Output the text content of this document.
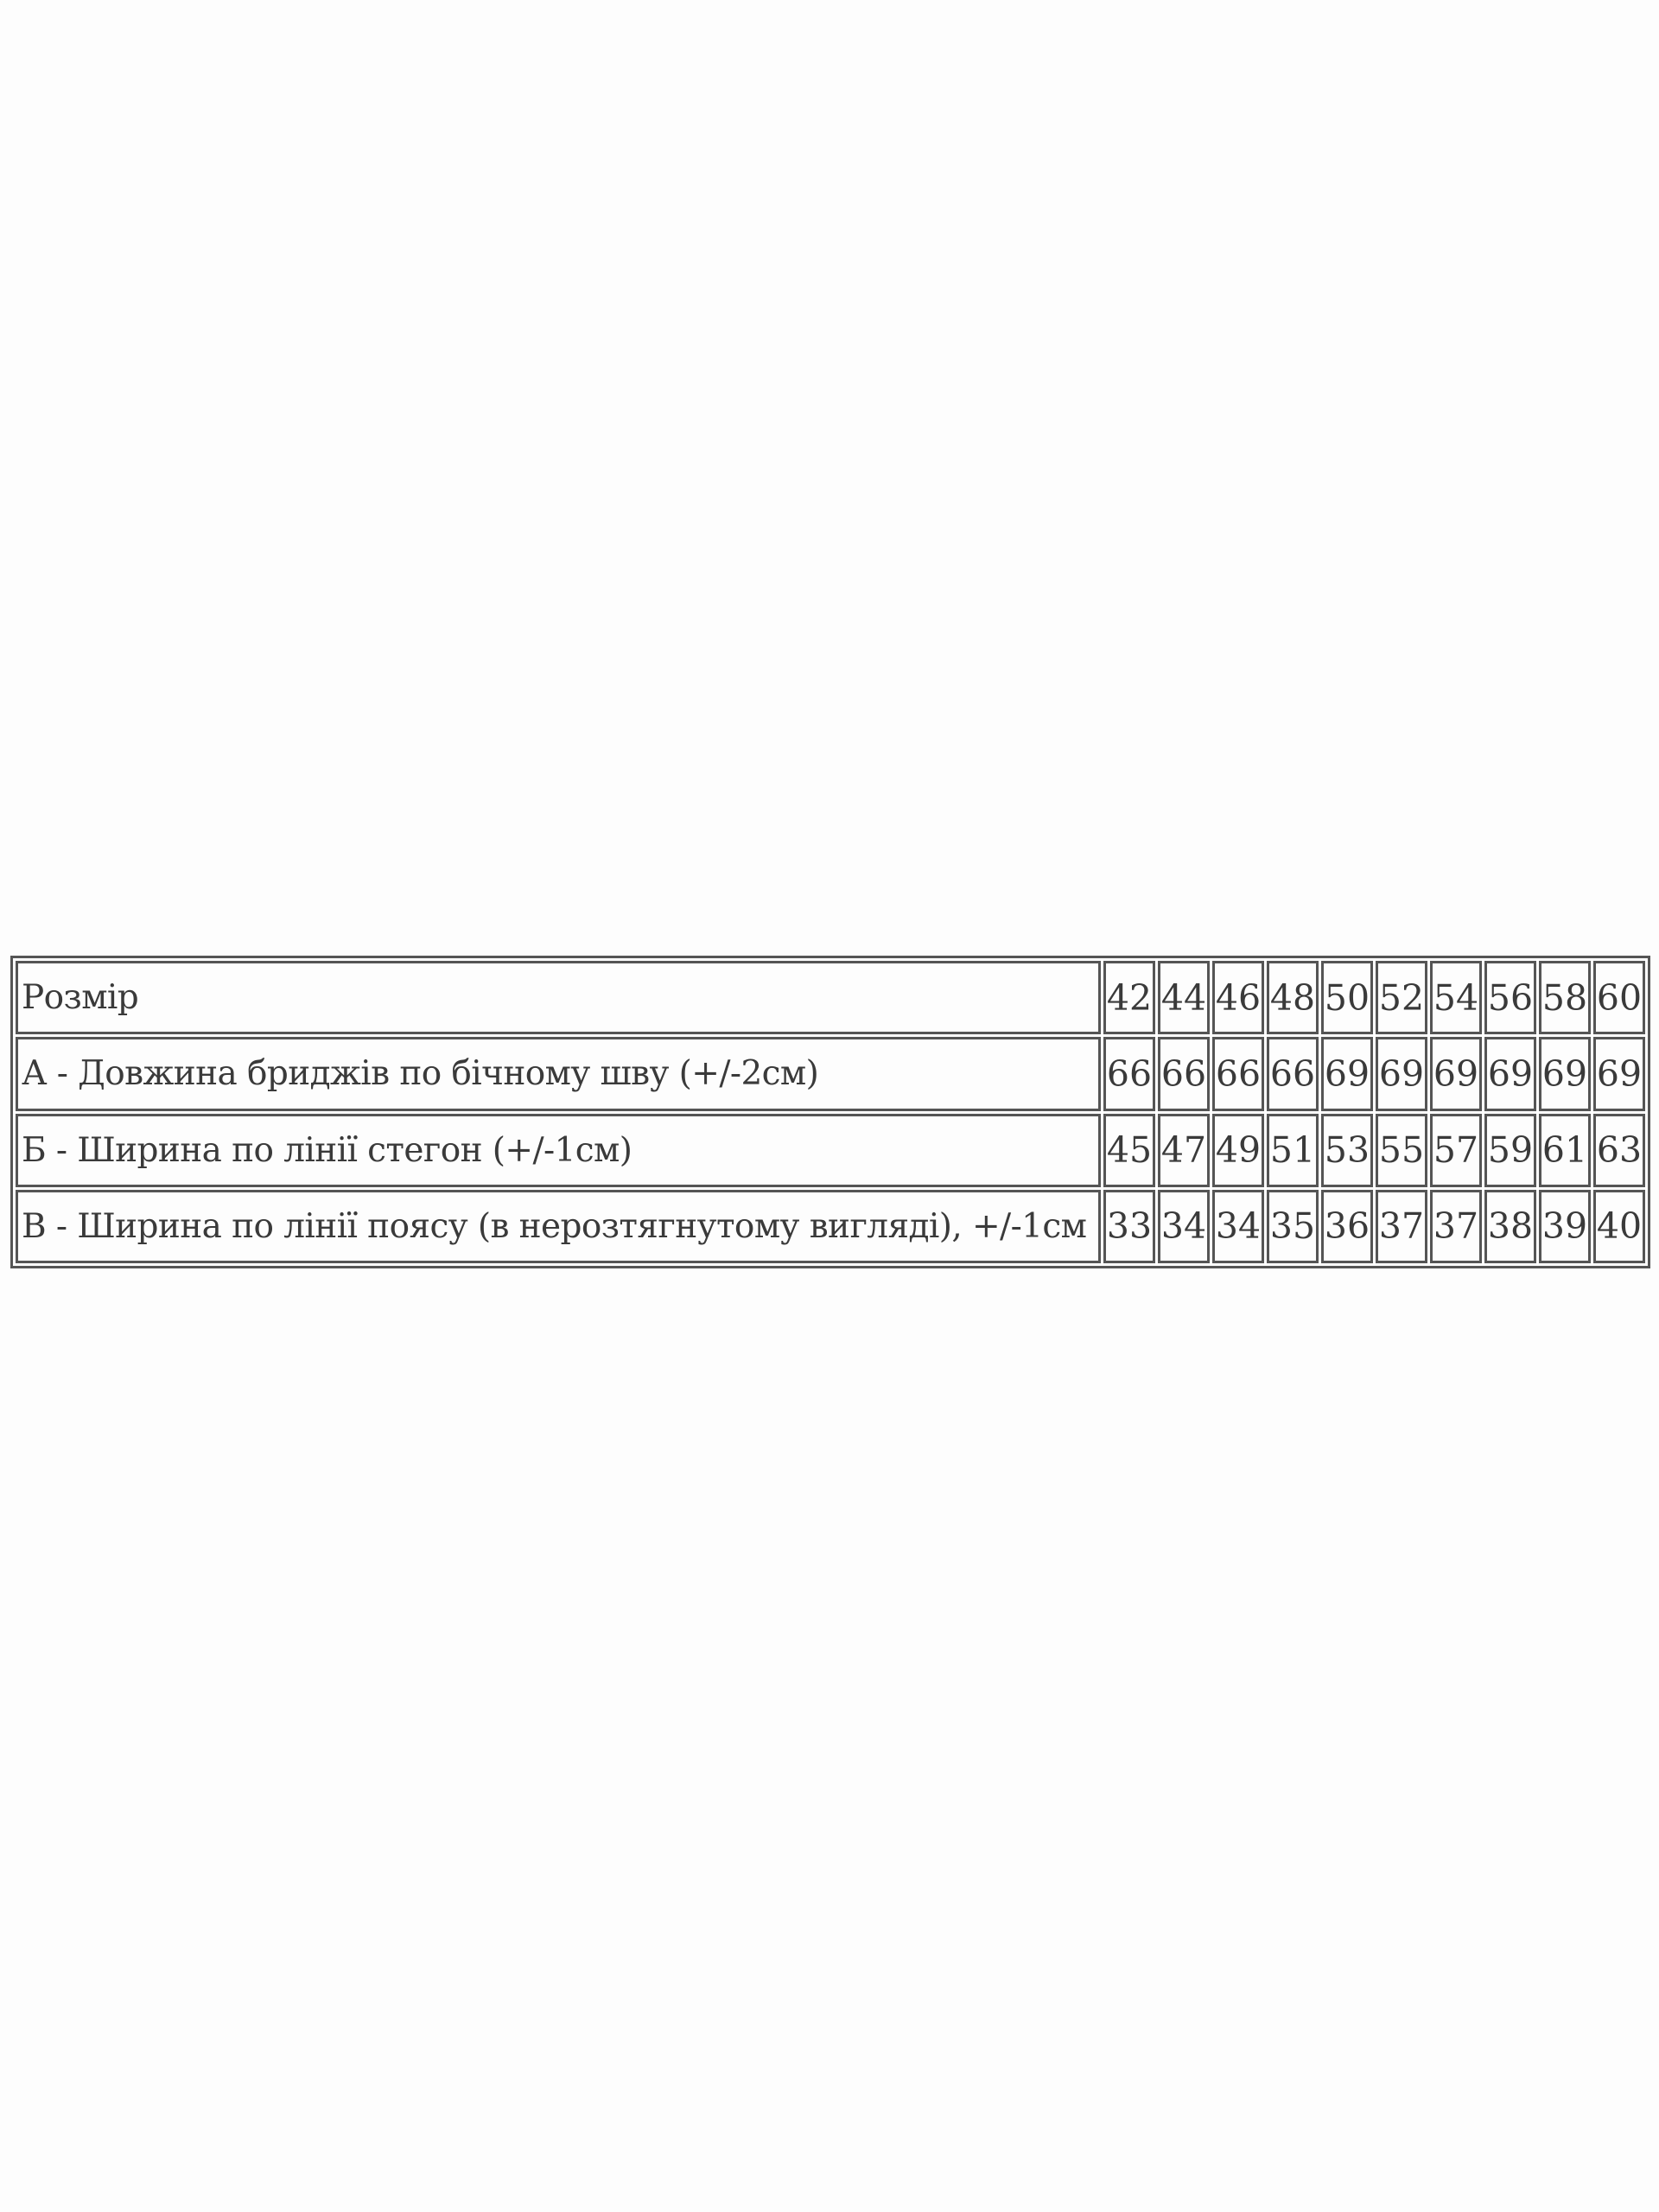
Розмір	42	44	46	48	50	52	54	56	58	60
А - Довжина бриджів по бічному шву (+/-2см)	66	66	66	66	69	69	69	69	69	69
Б - Ширина по лінії стегон (+/-1см)	45	47	49	51	53	55	57	59	61	63
В - Ширина по лінії поясу (в нерозтягнутому вигляді), +/-1см	33	34	34	35	36	37	37	38	39	40
